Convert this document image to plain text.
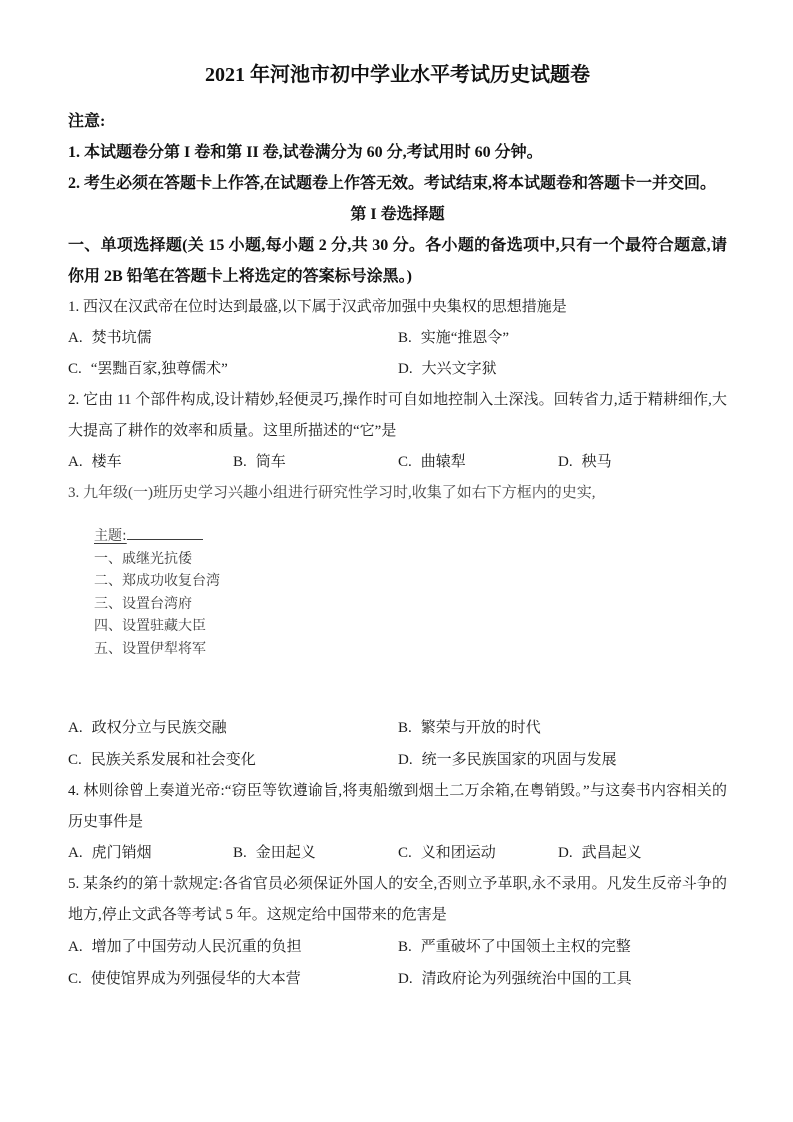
2021 年河池市初中学业水平考试历史试题卷
注意:
1. 本试题卷分第 I 卷和第 II 卷,试卷满分为 60 分,考试用时 60 分钟。
2. 考生必须在答题卡上作答,在试题卷上作答无效。考试结束,将本试题卷和答题卡一并交回。

第 I 卷选择题

一、单项选择题(关 15 小题,每小题 2 分,共 30 分。各小题的备选项中,只有一个最符合题意,请你用 2B 铅笔在答题卡上将选定的答案标号涂黑。)
1. 西汉在汉武帝在位时达到最盛,以下属于汉武帝加强中央集权的思想措施是
A. 焚书坑儒	B. 实施“推恩令”
C. “罢黜百家,独尊儒术”	D. 大兴文字狱
2. 它由 11 个部件构成,设计精妙,轻便灵巧,操作时可自如地控制入土深浅。回转省力,适于精耕细作,大大提高了耕作的效率和质量。这里所描述的“它”是
A. 楼车	B. 筒车	C. 曲辕犁	D. 秧马
3. 九年级(一)班历史学习兴趣小组进行研究性学习时,收集了如右下方框内的史实,
主题:
一、戚继光抗倭
二、郑成功收复台湾
三、设置台湾府
四、设置驻藏大臣
五、设置伊犁将军
A. 政权分立与民族交融	B. 繁荣与开放的时代
C. 民族关系发展和社会变化	D. 统一多民族国家的巩固与发展
4. 林则徐曾上奏道光帝:“窃臣等钦遵谕旨,将夷船缴到烟土二万余箱,在粤销毁。”与这奏书内容相关的历史事件是
A. 虎门销烟	B. 金田起义	C. 义和团运动	D. 武昌起义
5. 某条约的第十款规定:各省官员必须保证外国人的安全,否则立予革职,永不录用。凡发生反帝斗争的地方,停止文武各等考试 5 年。这规定给中国带来的危害是
A. 增加了中国劳动人民沉重的负担	B. 严重破坏了中国领土主权的完整
C. 使使馆界成为列强侵华的大本营	D. 清政府论为列强统治中国的工具
